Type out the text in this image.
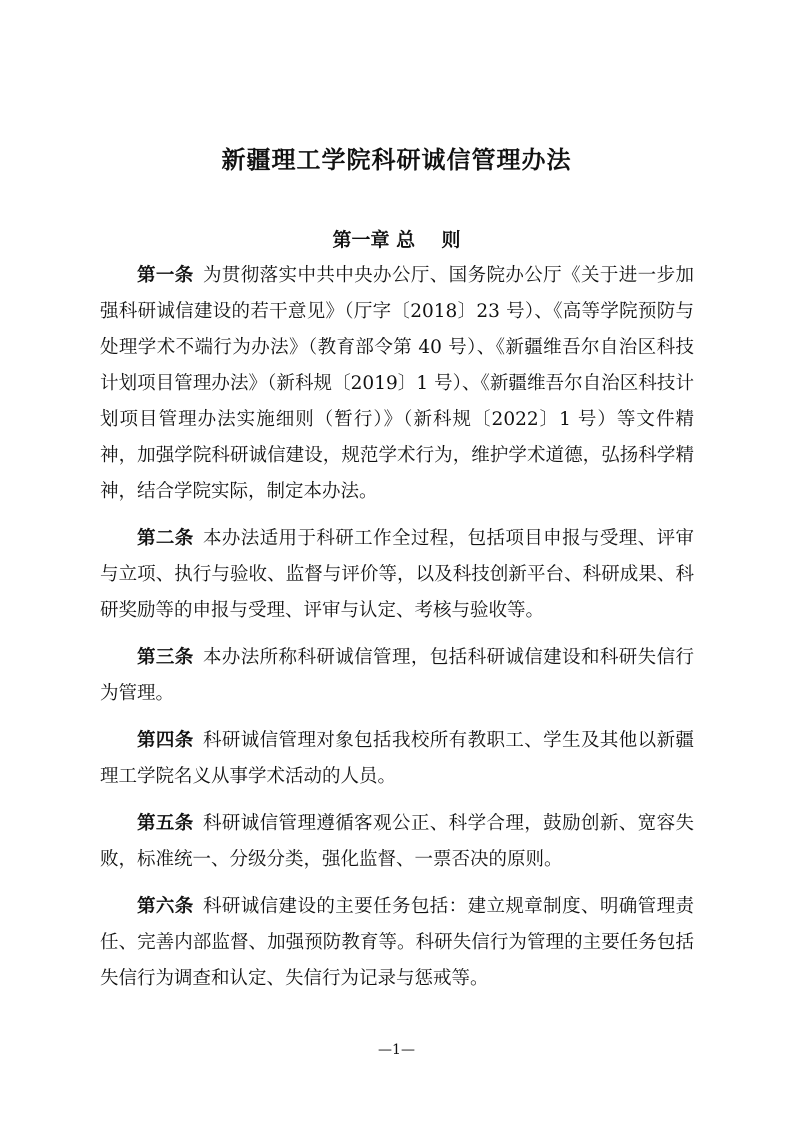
新疆理工学院科研诚信管理办法
第一章 总    则

第一条 为贯彻落实中共中央办公厅、国务院办公厅《关于进一步加强科研诚信建设的若干意见》（厅字〔2018〕23 号）、《高等学院预防与处理学术不端行为办法》（教育部令第 40 号）、《新疆维吾尔自治区科技计划项目管理办法》（新科规〔2019〕1 号）、《新疆维吾尔自治区科技计划项目管理办法实施细则（暂行）》（新科规〔2022〕1 号）等文件精神，加强学院科研诚信建设，规范学术行为，维护学术道德，弘扬科学精神，结合学院实际，制定本办法。

第二条 本办法适用于科研工作全过程，包括项目申报与受理、评审与立项、执行与验收、监督与评价等，以及科技创新平台、科研成果、科研奖励等的申报与受理、评审与认定、考核与验收等。

第三条 本办法所称科研诚信管理，包括科研诚信建设和科研失信行为管理。

第四条 科研诚信管理对象包括我校所有教职工、学生及其他以新疆理工学院名义从事学术活动的人员。

第五条 科研诚信管理遵循客观公正、科学合理，鼓励创新、宽容失败，标准统一、分级分类，强化监督、一票否决的原则。

第六条 科研诚信建设的主要任务包括：建立规章制度、明确管理责任、完善内部监督、加强预防教育等。科研失信行为管理的主要任务包括失信行为调查和认定、失信行为记录与惩戒等。

—1—
